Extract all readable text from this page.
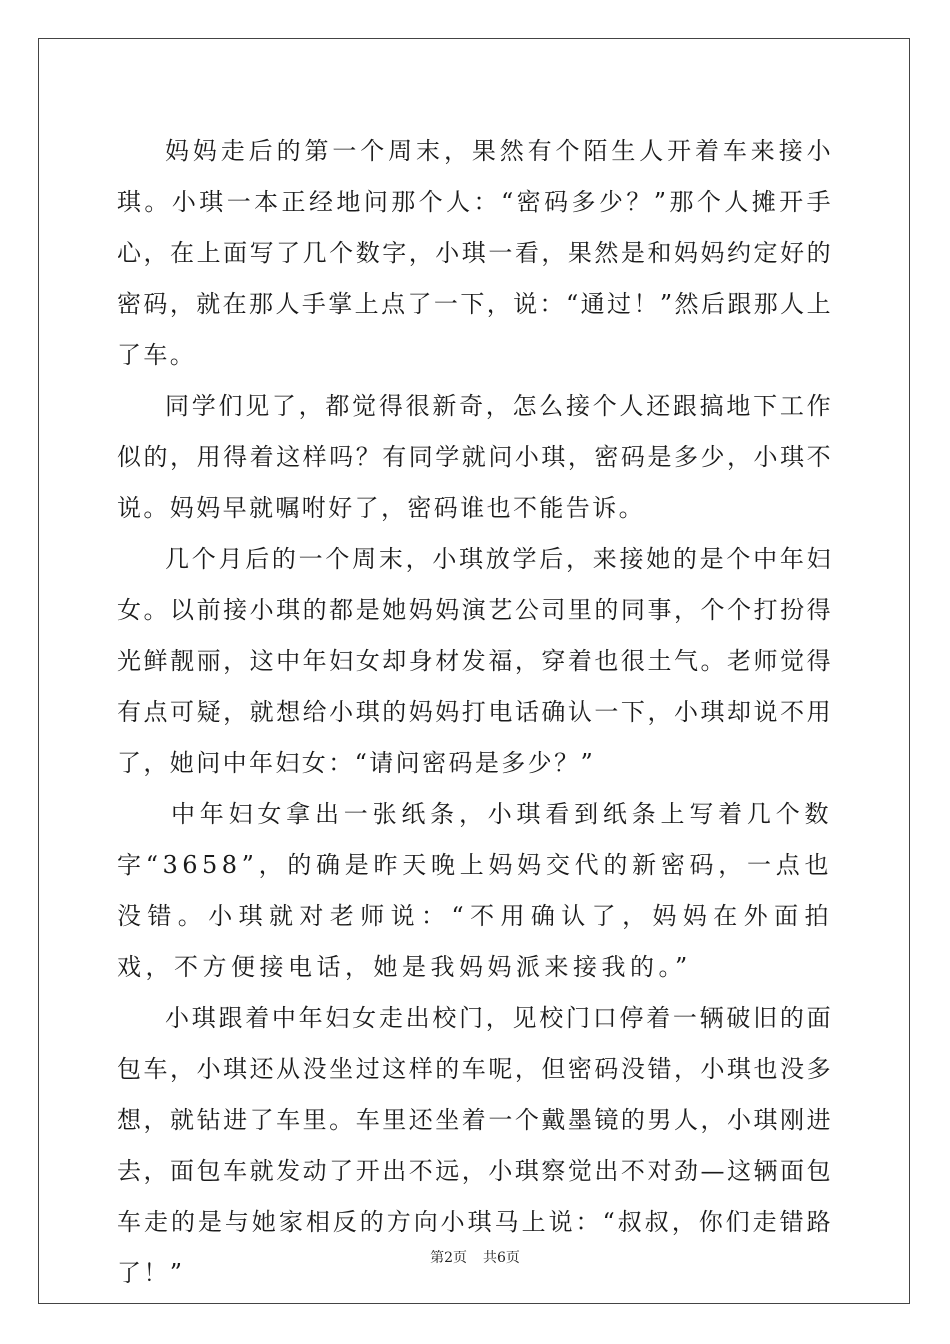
妈妈走后的第一个周末，果然有个陌生人开着车来接小琪。小琪一本正经地问那个人：“密码多少？”那个人摊开手心，在上面写了几个数字，小琪一看，果然是和妈妈约定好的密码，就在那人手掌上点了一下，说：“通过！”然后跟那人上了车。

同学们见了，都觉得很新奇，怎么接个人还跟搞地下工作似的，用得着这样吗？有同学就问小琪，密码是多少，小琪不说。妈妈早就嘱咐好了，密码谁也不能告诉。

几个月后的一个周末，小琪放学后，来接她的是个中年妇女。以前接小琪的都是她妈妈演艺公司里的同事，个个打扮得光鲜靓丽，这中年妇女却身材发福，穿着也很土气。老师觉得有点可疑，就想给小琪的妈妈打电话确认一下，小琪却说不用了，她问中年妇女：“请问密码是多少？”

中年妇女拿出一张纸条，小琪看到纸条上写着几个数字“3658”，的确是昨天晚上妈妈交代的新密码，一点也没错。小琪就对老师说：“不用确认了，妈妈在外面拍戏，不方便接电话，她是我妈妈派来接我的。”

小琪跟着中年妇女走出校门，见校门口停着一辆破旧的面包车，小琪还从没坐过这样的车呢，但密码没错，小琪也没多想，就钻进了车里。车里还坐着一个戴墨镜的男人，小琪刚进去，面包车就发动了开出不远，小琪察觉出不对劲—这辆面包车走的是与她家相反的方向小琪马上说：“叔叔，你们走错路了！”

第2页 共6页
